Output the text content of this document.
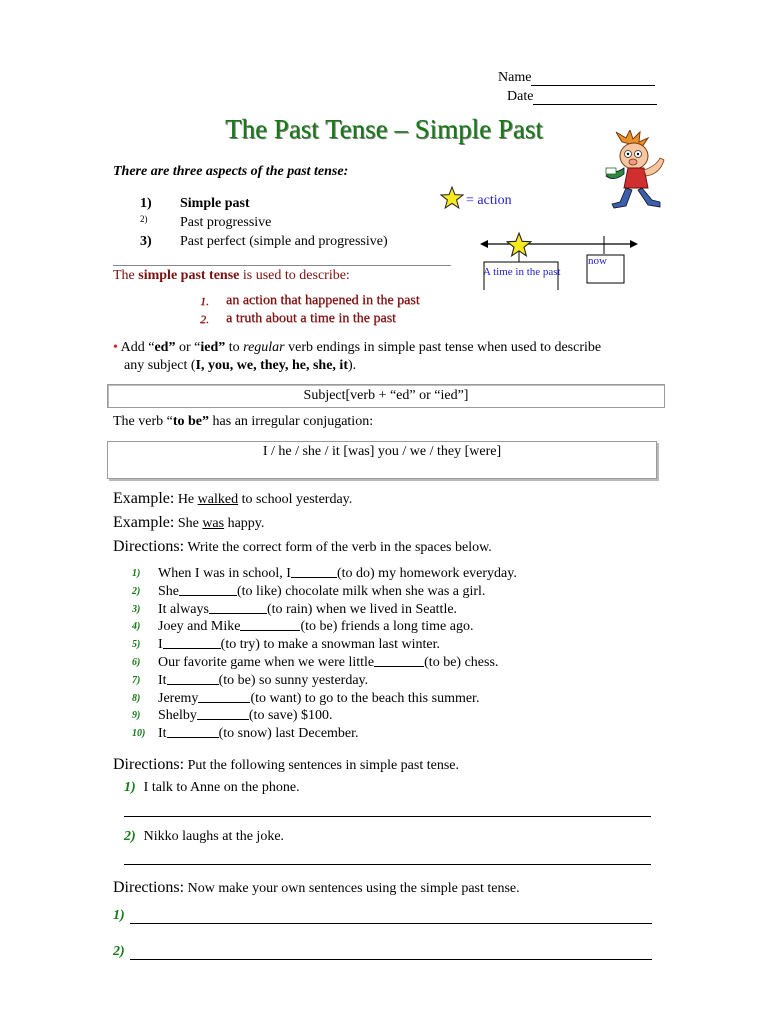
Name
Date
The Past Tense – Simple Past
There are three aspects of the past tense:
1)	Simple past
2)	Past progressive
3)	Past perfect (simple and progressive)
= action
A time in the past
now
The simple past tense is used to describe:
1.	an action that happened in the past
2.	a truth about a time in the past
• Add “ed” or “ied” to regular verb endings in simple past tense when used to describe
any subject (I, you, we, they, he, she, it).
Subject[verb + “ed” or “ied”]
The verb “to be” has an irregular conjugation:
I / he / she / it [was] you / we / they [were]
Example: He walked to school yesterday.
Example: She was happy.
Directions: Write the correct form of the verb in the spaces below.
1)	When I was in school, I	(to do) my homework everyday.
2)	She	(to like) chocolate milk when she was a girl.
3)	It always	(to rain) when we lived in Seattle.
4)	Joey and Mike	(to be) friends a long time ago.
5)	I	(to try) to make a snowman last winter.
6)	Our favorite game when we were little	(to be) chess.
7)	It	(to be) so sunny yesterday.
8)	Jeremy	(to want) to go to the beach this summer.
9)	Shelby	(to save) $100.
10) It	(to snow) last December.
Directions: Put the following sentences in simple past tense.
1) I talk to Anne on the phone.
2) Nikko laughs at the joke.
Directions: Now make your own sentences using the simple past tense.
1)
2)
